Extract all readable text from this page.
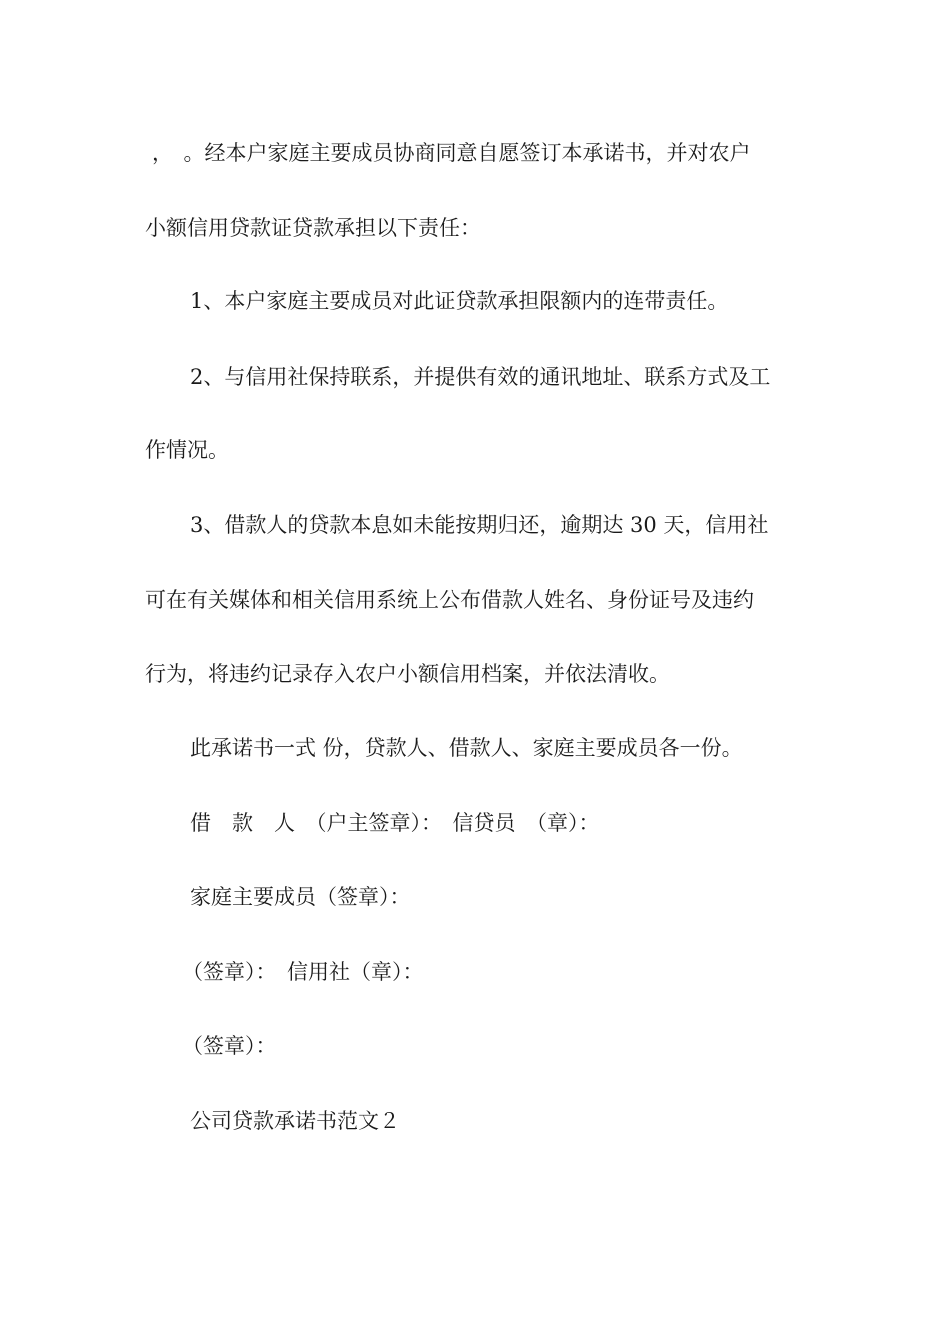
，　。经本户家庭主要成员协商同意自愿签订本承诺书，并对农户
小额信用贷款证贷款承担以下责任：
1、本户家庭主要成员对此证贷款承担限额内的连带责任。
2、与信用社保持联系，并提供有效的通讯地址、联系方式及工
作情况。
3、借款人的贷款本息如未能按期归还，逾期达 30 天，信用社
可在有关媒体和相关信用系统上公布借款人姓名、身份证号及违约
行为，将违约记录存入农户小额信用档案，并依法清收。
此承诺书一式 份，贷款人、借款人、家庭主要成员各一份。
借　款　人　（户主签章）：　信贷员　（章）：
家庭主要成员（签章）：
（签章）：　信用社（章）：
（签章）：
公司贷款承诺书范文２
